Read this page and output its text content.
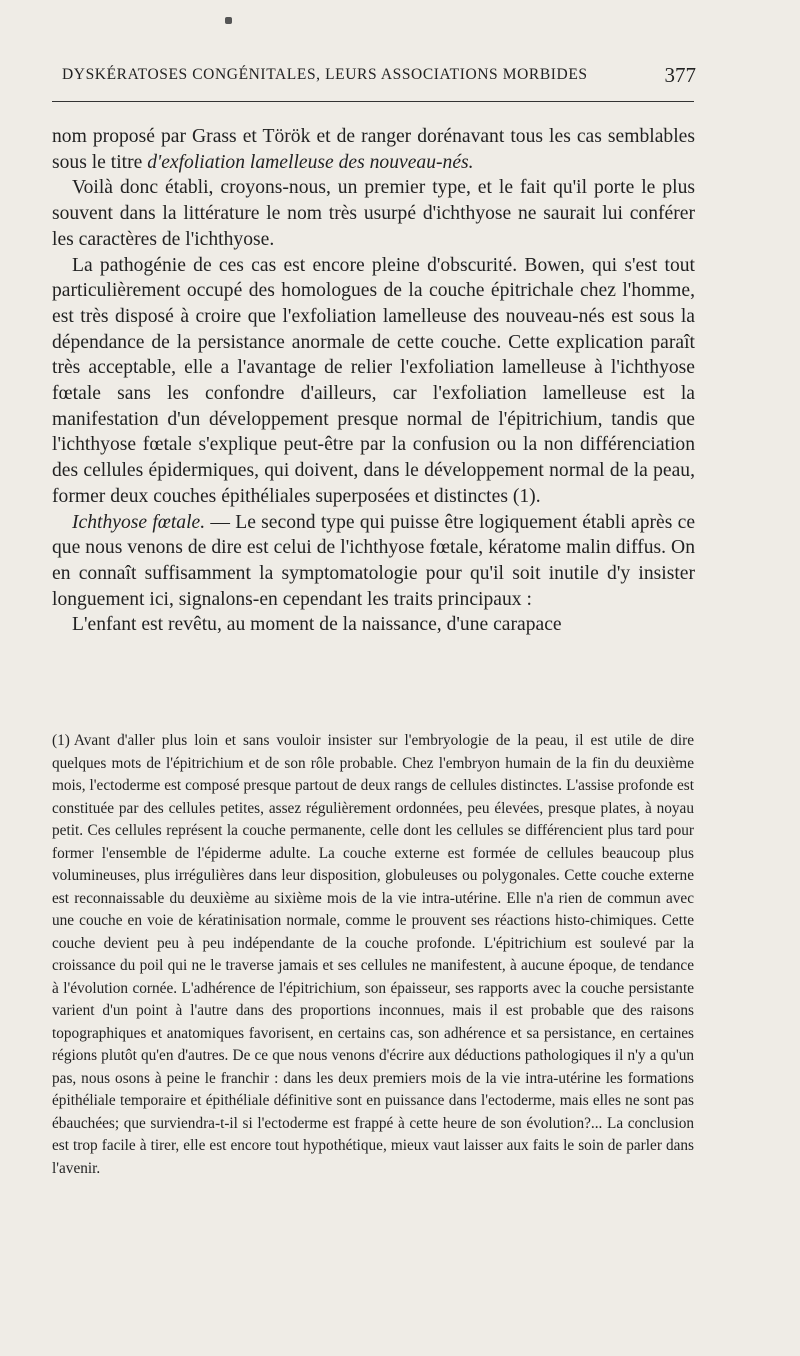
DYSKÉRATOSES CONGÉNITALES, LEURS ASSOCIATIONS MORBIDES	377

nom proposé par Grass et Török et de ranger dorénavant tous les cas semblables sous le titre d'exfoliation lamelleuse des nouveau-nés.

Voilà donc établi, croyons-nous, un premier type, et le fait qu'il porte le plus souvent dans la littérature le nom très usurpé d'ichthyose ne saurait lui conférer les caractères de l'ichthyose.

La pathogénie de ces cas est encore pleine d'obscurité. Bowen, qui s'est tout particulièrement occupé des homologues de la couche épitrichale chez l'homme, est très disposé à croire que l'exfoliation lamelleuse des nouveau-nés est sous la dépendance de la persistance anormale de cette couche. Cette explication paraît très acceptable, elle a l'avantage de relier l'exfoliation lamelleuse à l'ichthyose fœtale sans les confondre d'ailleurs, car l'exfoliation lamelleuse est la manifestation d'un développement presque normal de l'épitrichium, tandis que l'ichthyose fœtale s'explique peut-être par la confusion ou la non différenciation des cellules épidermiques, qui doivent, dans le développement normal de la peau, former deux couches épithéliales superposées et distinctes (1).

Ichthyose fœtale. — Le second type qui puisse être logiquement établi après ce que nous venons de dire est celui de l'ichthyose fœtale, kératome malin diffus. On en connaît suffisamment la symptomatologie pour qu'il soit inutile d'y insister longuement ici, signalons-en cependant les traits principaux :

L'enfant est revêtu, au moment de la naissance, d'une carapace

(1) Avant d'aller plus loin et sans vouloir insister sur l'embryologie de la peau, il est utile de dire quelques mots de l'épitrichium et de son rôle probable. Chez l'embryon humain de la fin du deuxième mois, l'ectoderme est composé presque partout de deux rangs de cellules distinctes. L'assise profonde est constituée par des cellules petites, assez régulièrement ordonnées, peu élevées, presque plates, à noyau petit. Ces cellules représent la couche permanente, celle dont les cellules se différencient plus tard pour former l'ensemble de l'épiderme adulte. La couche externe est formée de cellules beaucoup plus volumineuses, plus irrégulières dans leur disposition, globuleuses ou polygonales. Cette couche externe est reconnaissable du deuxième au sixième mois de la vie intra-utérine. Elle n'a rien de commun avec une couche en voie de kératinisation normale, comme le prouvent ses réactions histo-chimiques. Cette couche devient peu à peu indépendante de la couche profonde. L'épitrichium est soulevé par la croissance du poil qui ne le traverse jamais et ses cellules ne manifestent, à aucune époque, de tendance à l'évolution cornée. L'adhérence de l'épitrichium, son épaisseur, ses rapports avec la couche persistante varient d'un point à l'autre dans des proportions inconnues, mais il est probable que des raisons topographiques et anatomiques favorisent, en certains cas, son adhérence et sa persistance, en certaines régions plutôt qu'en d'autres. De ce que nous venons d'écrire aux déductions pathologiques il n'y a qu'un pas, nous osons à peine le franchir : dans les deux premiers mois de la vie intra-utérine les formations épithéliale temporaire et épithéliale définitive sont en puissance dans l'ectoderme, mais elles ne sont pas ébauchées; que surviendra-t-il si l'ectoderme est frappé à cette heure de son évolution?... La conclusion est trop facile à tirer, elle est encore tout hypothétique, mieux vaut laisser aux faits le soin de parler dans l'avenir.
